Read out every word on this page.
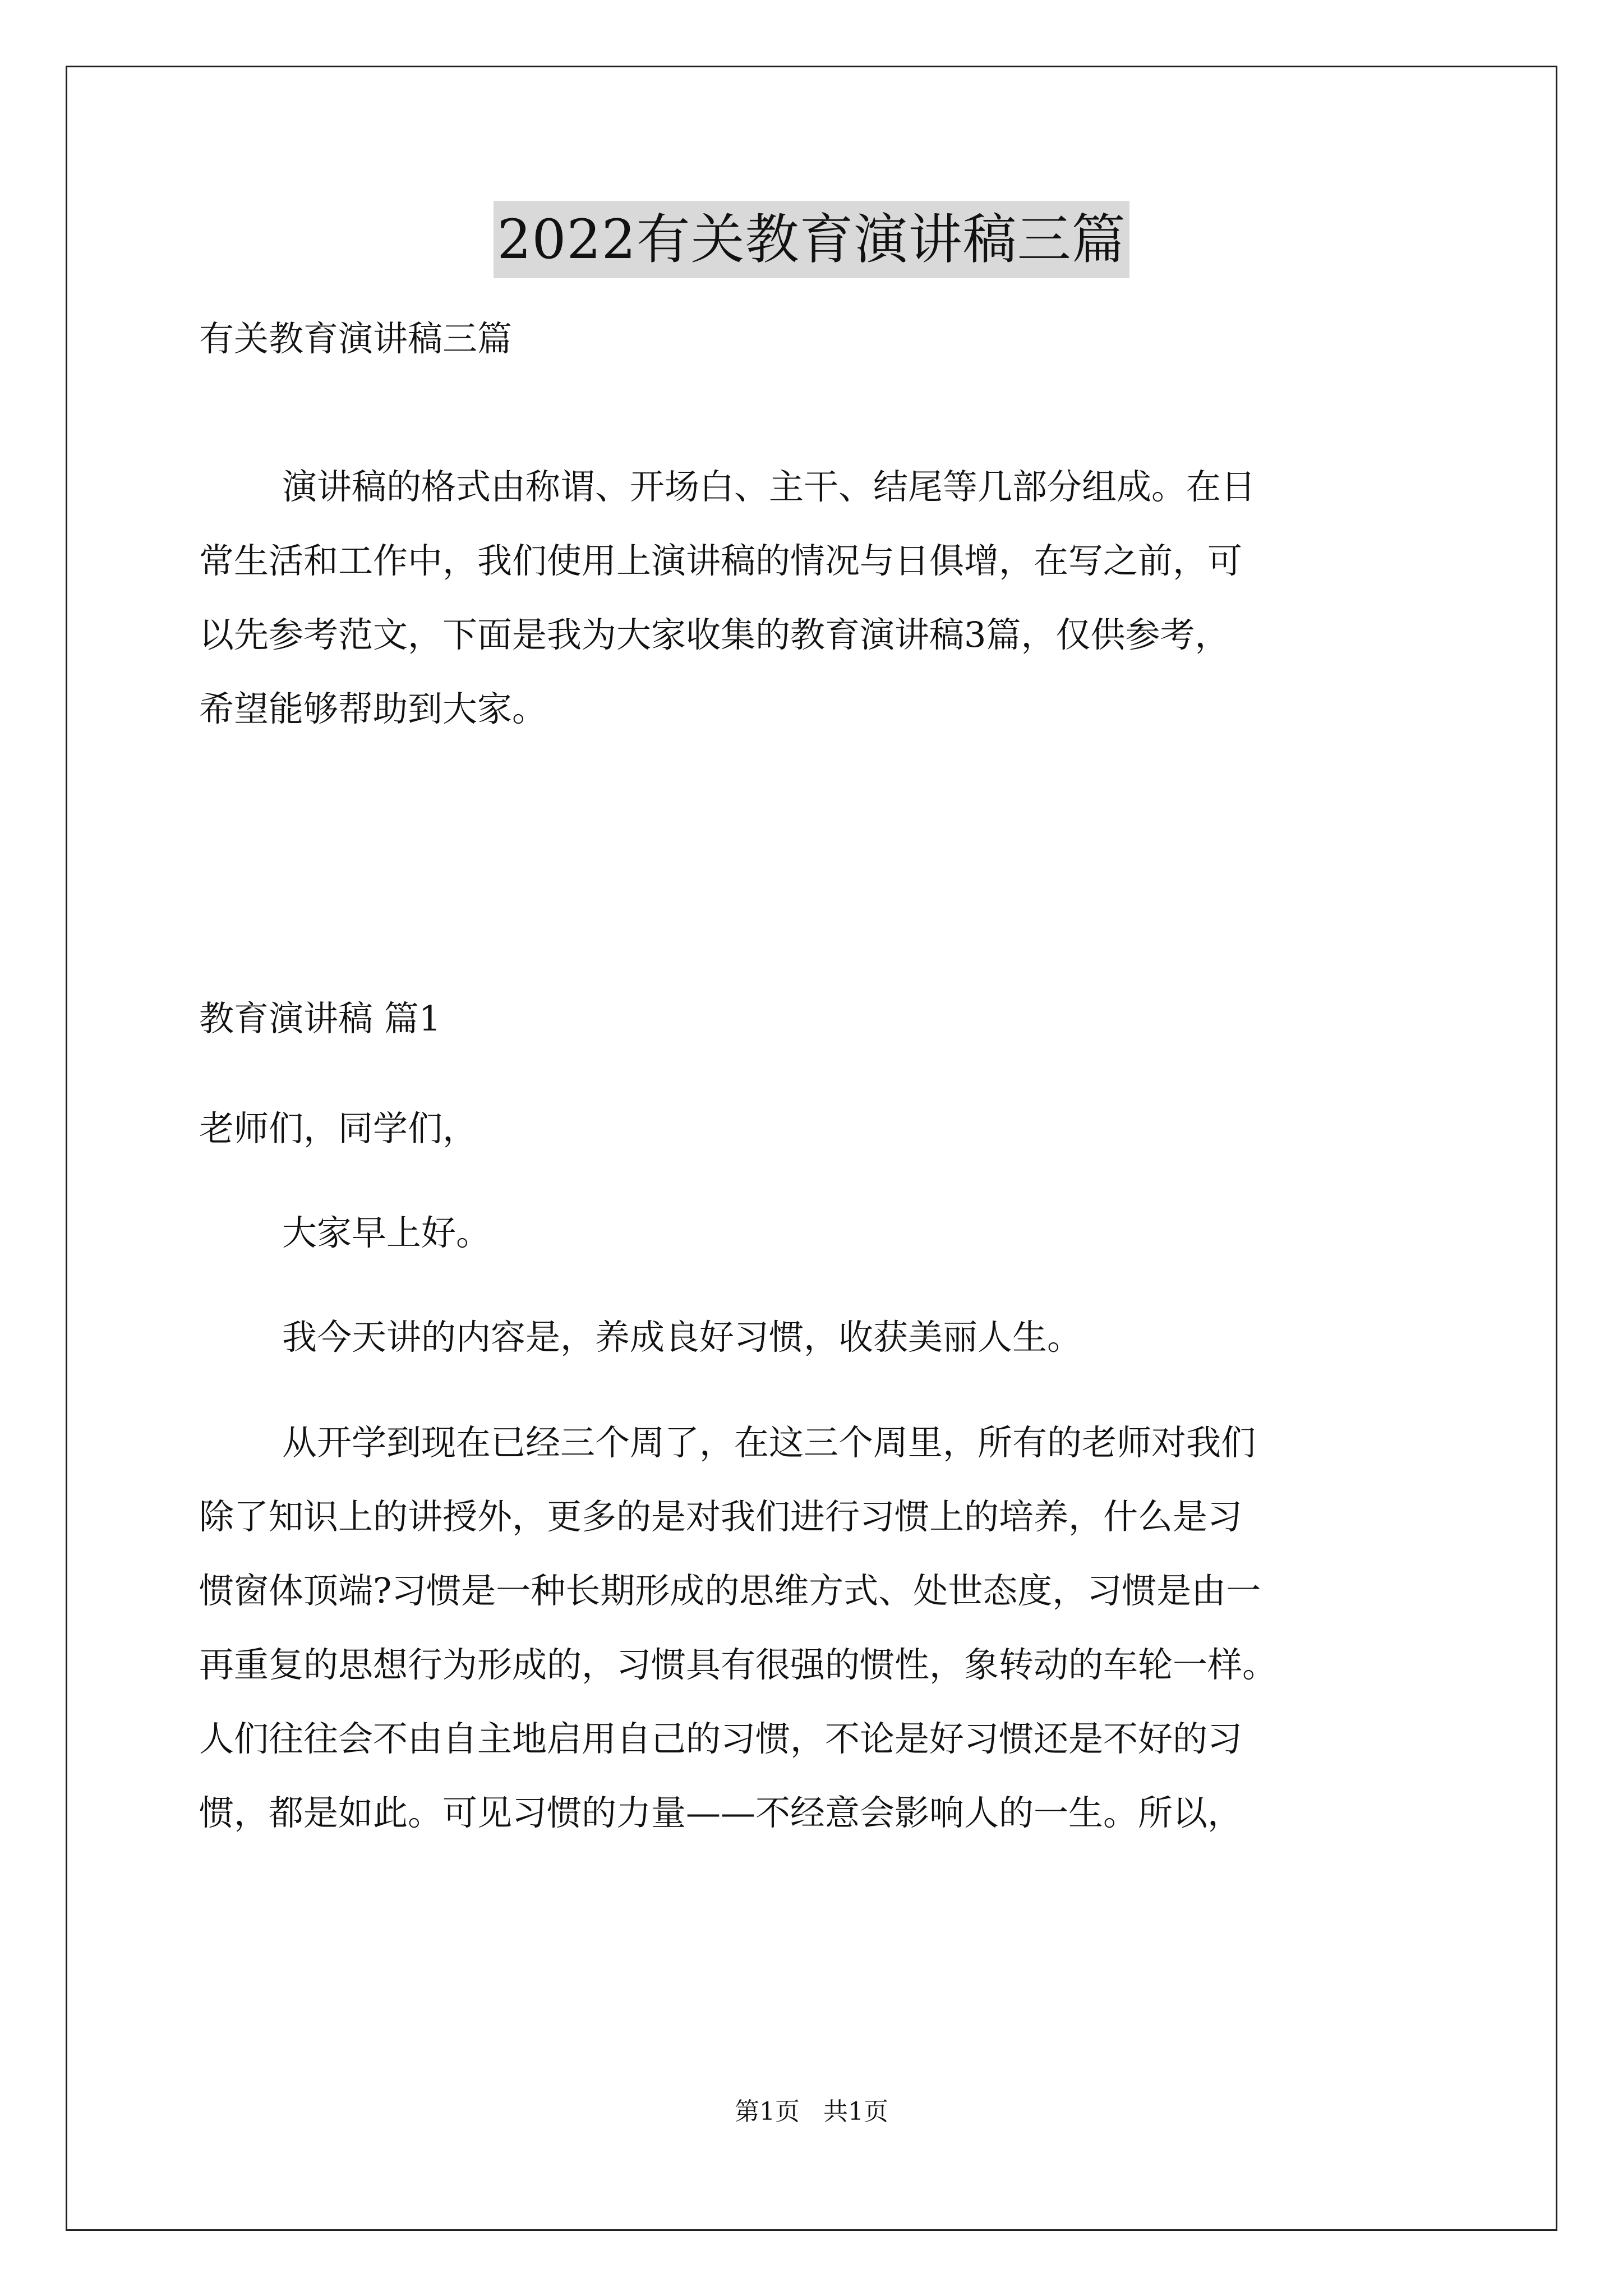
2022有关教育演讲稿三篇
有关教育演讲稿三篇
演讲稿的格式由称谓、开场白、主干、结尾等几部分组成。在日
常生活和工作中，我们使用上演讲稿的情况与日俱增，在写之前，可
以先参考范文，下面是我为大家收集的教育演讲稿3篇，仅供参考，
希望能够帮助到大家。
教育演讲稿 篇1
老师们，同学们，
大家早上好。
我今天讲的内容是，养成良好习惯，收获美丽人生。
从开学到现在已经三个周了，在这三个周里，所有的老师对我们
除了知识上的讲授外，更多的是对我们进行习惯上的培养，什么是习
惯窗体顶端?习惯是一种长期形成的思维方式、处世态度，习惯是由一
再重复的思想行为形成的，习惯具有很强的惯性，象转动的车轮一样。
人们往往会不由自主地启用自己的习惯，不论是好习惯还是不好的习
惯，都是如此。可见习惯的力量——不经意会影响人的一生。所以，
第1页   共1页
